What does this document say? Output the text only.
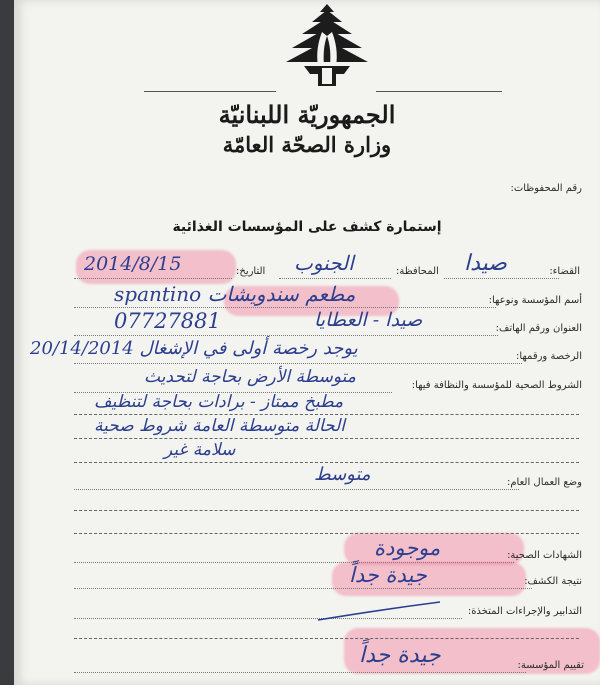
الجمهوريّة اللبنانيّة
وزارة الصحّة العامّة
رقم المحفوظات:
إستمارة كشف على المؤسسات الغذائية
القضاء:
صيدا
المحافظة:
الجنوب
التاريخ:
2014/8/15
أسم المؤسسة ونوعها:
spantino مطعم سندويشات
العنوان ورقم الهاتف:
صيدا - العطايا
07727881
الرخصة ورقمها:
يوجد رخصة أولى في الإشغال 20/14/2014
الشروط الصحية للمؤسسة والنظافة فيها:
متوسطة الأرض بحاجة لتحديث
مطبخ ممتاز - برادات بحاجة لتنظيف
الحالة متوسطة العامة شروط صحية
سلامة غير
وضع العمال العام:
متوسط
الشهادات الصحية:
موجودة
نتيجة الكشف:
جيدة جداً
التدابير والإجراءات المتخذة:
تقييم المؤسسة:
جيدة جداً
